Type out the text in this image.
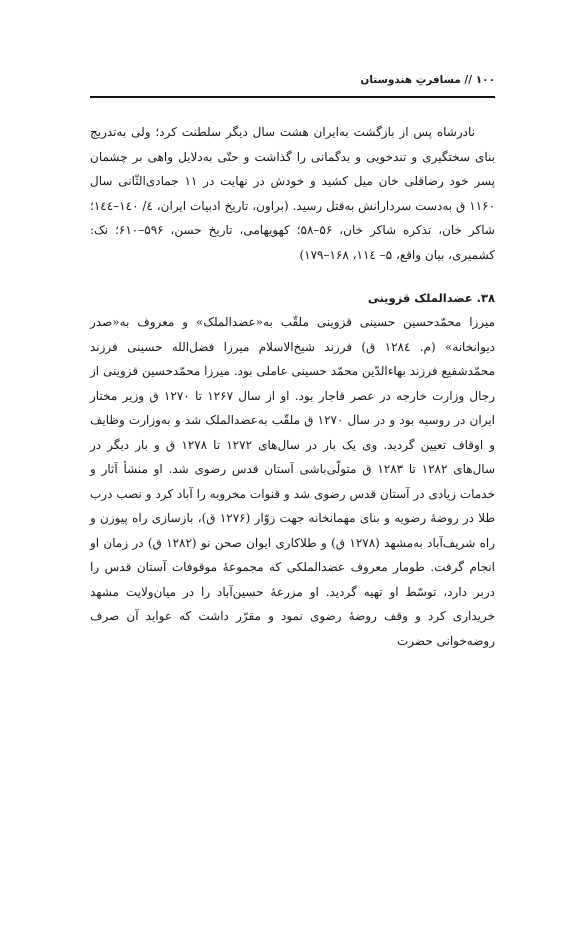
۱۰۰ // مسافرتِ هندوستان

نادرشاه پس از بازگشت به‌ایران هشت سال دیگر سلطنت کرد؛ ولی به‌تدریج بنای سختگیری و تندخویی و بدگمانی را گذاشت و حتّی به‌دلایل واهی بر چشمان پسر خود رضاقلی خان میل کشید و خودش در نهایت در ۱۱ جمادی‌الثّانی سال ۱۱۶۰ ق به‌دست سردارانش به‌قتل رسید. (براون، تاریخ ادبیات ایران، ٤/ ١٤٠–١٤٤؛ شاکر خان، تذکره شاکر خان، ۵۶–۵۸؛ کهویهامی، تاریخ حسن، ۵۹۶–۶۱۰؛ نک: کشمیری، بیان واقع، ۵– ۱۱٤، ۱۶۸–۱۷۹)

۳۸. عضدالملک قزوینی

میرزا محمّدحسین حسینی قزوینی ملقّب به«عضدالملک» و معروف به«صدر دیوانخانه» (م. ۱۲۸٤ ق) فرزند شیخ‌الاسلام میرزا فضل‌الله حسینی فرزند محمّدشفیع فرزند بهاءالدّین محمّد حسینی عاملی بود. میرزا محمّدحسین قزوینی از رجال وزارت خارجه در عصر قاجار بود. او از سال ۱۲۶۷ تا ۱۲۷۰ ق وزیر مختار ایران در روسیه بود و در سال ۱۲۷۰ ق ملقّب به‌عضدالملک شد و به‌وزارت وظایف و اوقاف تعیین گردید. وی یک بار در سال‌های ۱۲۷۲ تا ۱۲۷۸ ق و بار دیگر در سال‌های ۱۲۸۲ تا ۱۲۸۳ ق متولّی‌باشی آستان قدس رضوی شد. او منشأ آثار و خدمات زیادی در آستان قدس رضوی شد و قنوات مخروبه را آباد کرد و نصب درب طلا در روضهٔ رضویه و بنای مهمانخانه جهت زوّار (۱۲۷۶ ق)، بازسازی راه پیوزن و راه شریف‌آباد به‌مشهد (۱۲۷۸ ق) و طلاکاری ایوان صحن نو (۱۲۸۲ ق) در زمان او انجام گرفت. طومار معروف عضدالملکی که مجموعهٔ موقوفات آستان قدس را دربر دارد، توسّط او تهیه گردید. او مزرعهٔ حسین‌آباد را در میان‌ولایت مشهد خریداری کرد و وقف روضهٔ رضوی نمود و مقرّر داشت که عواید آن صرف روضه‌خوانی حضرت
